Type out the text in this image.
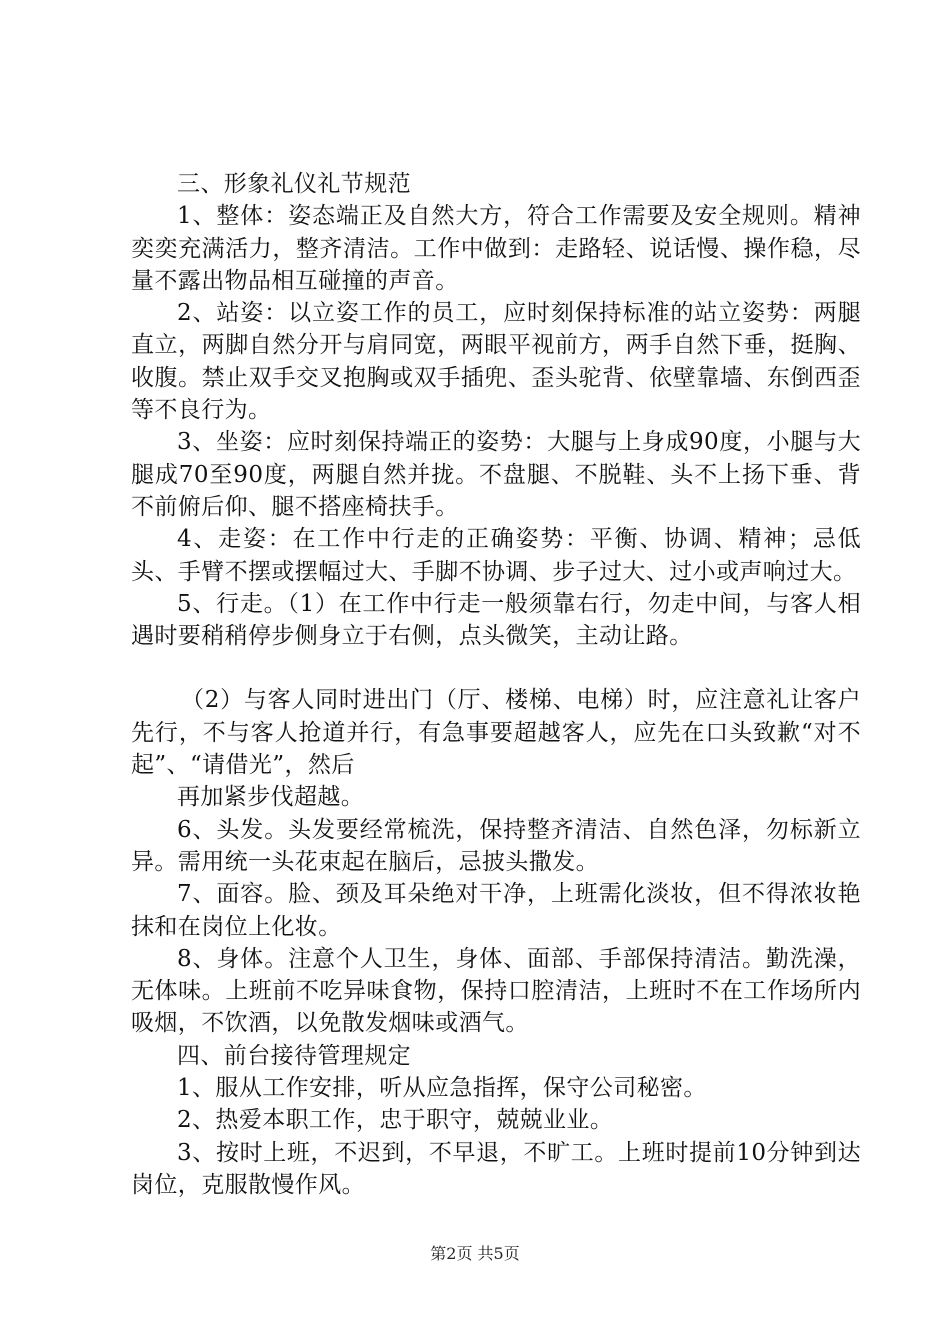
三、形象礼仪礼节规范

1、整体：姿态端正及自然大方，符合工作需要及安全规则。精神奕奕充满活力，整齐清洁。工作中做到：走路轻、说话慢、操作稳，尽量不露出物品相互碰撞的声音。

2、站姿：以立姿工作的员工，应时刻保持标准的站立姿势：两腿直立，两脚自然分开与肩同宽，两眼平视前方，两手自然下垂，挺胸、收腹。禁止双手交叉抱胸或双手插兜、歪头驼背、依壁靠墙、东倒西歪等不良行为。

3、坐姿：应时刻保持端正的姿势：大腿与上身成90度，小腿与大腿成70至90度，两腿自然并拢。不盘腿、不脱鞋、头不上扬下垂、背不前俯后仰、腿不搭座椅扶手。

4、走姿：在工作中行走的正确姿势：平衡、协调、精神；忌低头、手臂不摆或摆幅过大、手脚不协调、步子过大、过小或声响过大。

5、行走。（1）在工作中行走一般须靠右行，勿走中间，与客人相遇时要稍稍停步侧身立于右侧，点头微笑，主动让路。

（2）与客人同时进出门（厅、楼梯、电梯）时，应注意礼让客户先行，不与客人抢道并行，有急事要超越客人，应先在口头致歉“对不起”、“请借光”，然后

再加紧步伐超越。

6、头发。头发要经常梳洗，保持整齐清洁、自然色泽，勿标新立异。需用统一头花束起在脑后，忌披头撒发。

7、面容。脸、颈及耳朵绝对干净，上班需化淡妆，但不得浓妆艳抹和在岗位上化妆。

8、身体。注意个人卫生，身体、面部、手部保持清洁。勤洗澡，无体味。上班前不吃异味食物，保持口腔清洁，上班时不在工作场所内吸烟，不饮酒，以免散发烟味或酒气。

四、前台接待管理规定

1、服从工作安排，听从应急指挥，保守公司秘密。

2、热爱本职工作，忠于职守，兢兢业业。

3、按时上班，不迟到，不早退，不旷工。上班时提前10分钟到达岗位，克服散慢作风。

第2页 共5页
